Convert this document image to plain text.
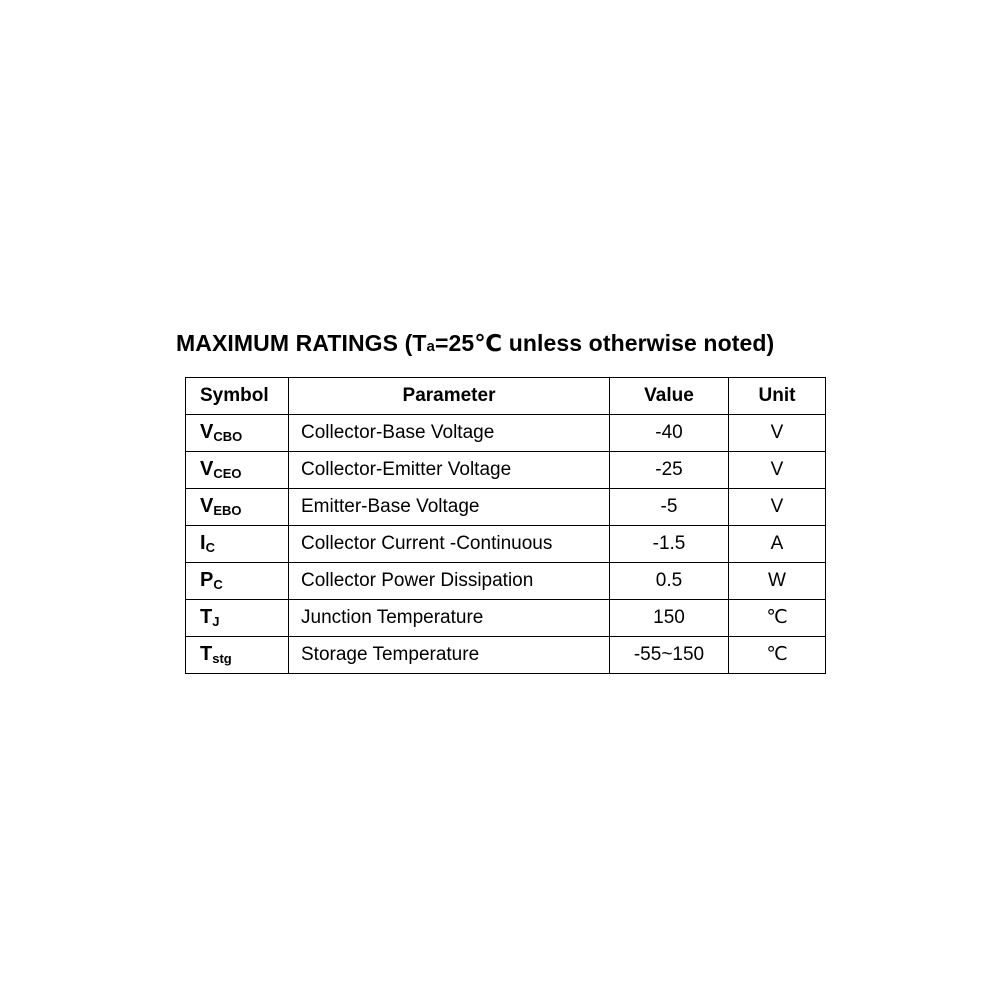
MAXIMUM RATINGS (Ta=25℃ unless otherwise noted)
Symbol	Parameter	Value	Unit
VCBO	Collector-Base Voltage	-40	V
VCEO	Collector-Emitter Voltage	-25	V
VEBO	Emitter-Base Voltage	-5	V
IC	Collector Current -Continuous	-1.5	A
PC	Collector Power Dissipation	0.5	W
TJ	Junction Temperature	150	℃
Tstg	Storage Temperature	-55~150	℃
